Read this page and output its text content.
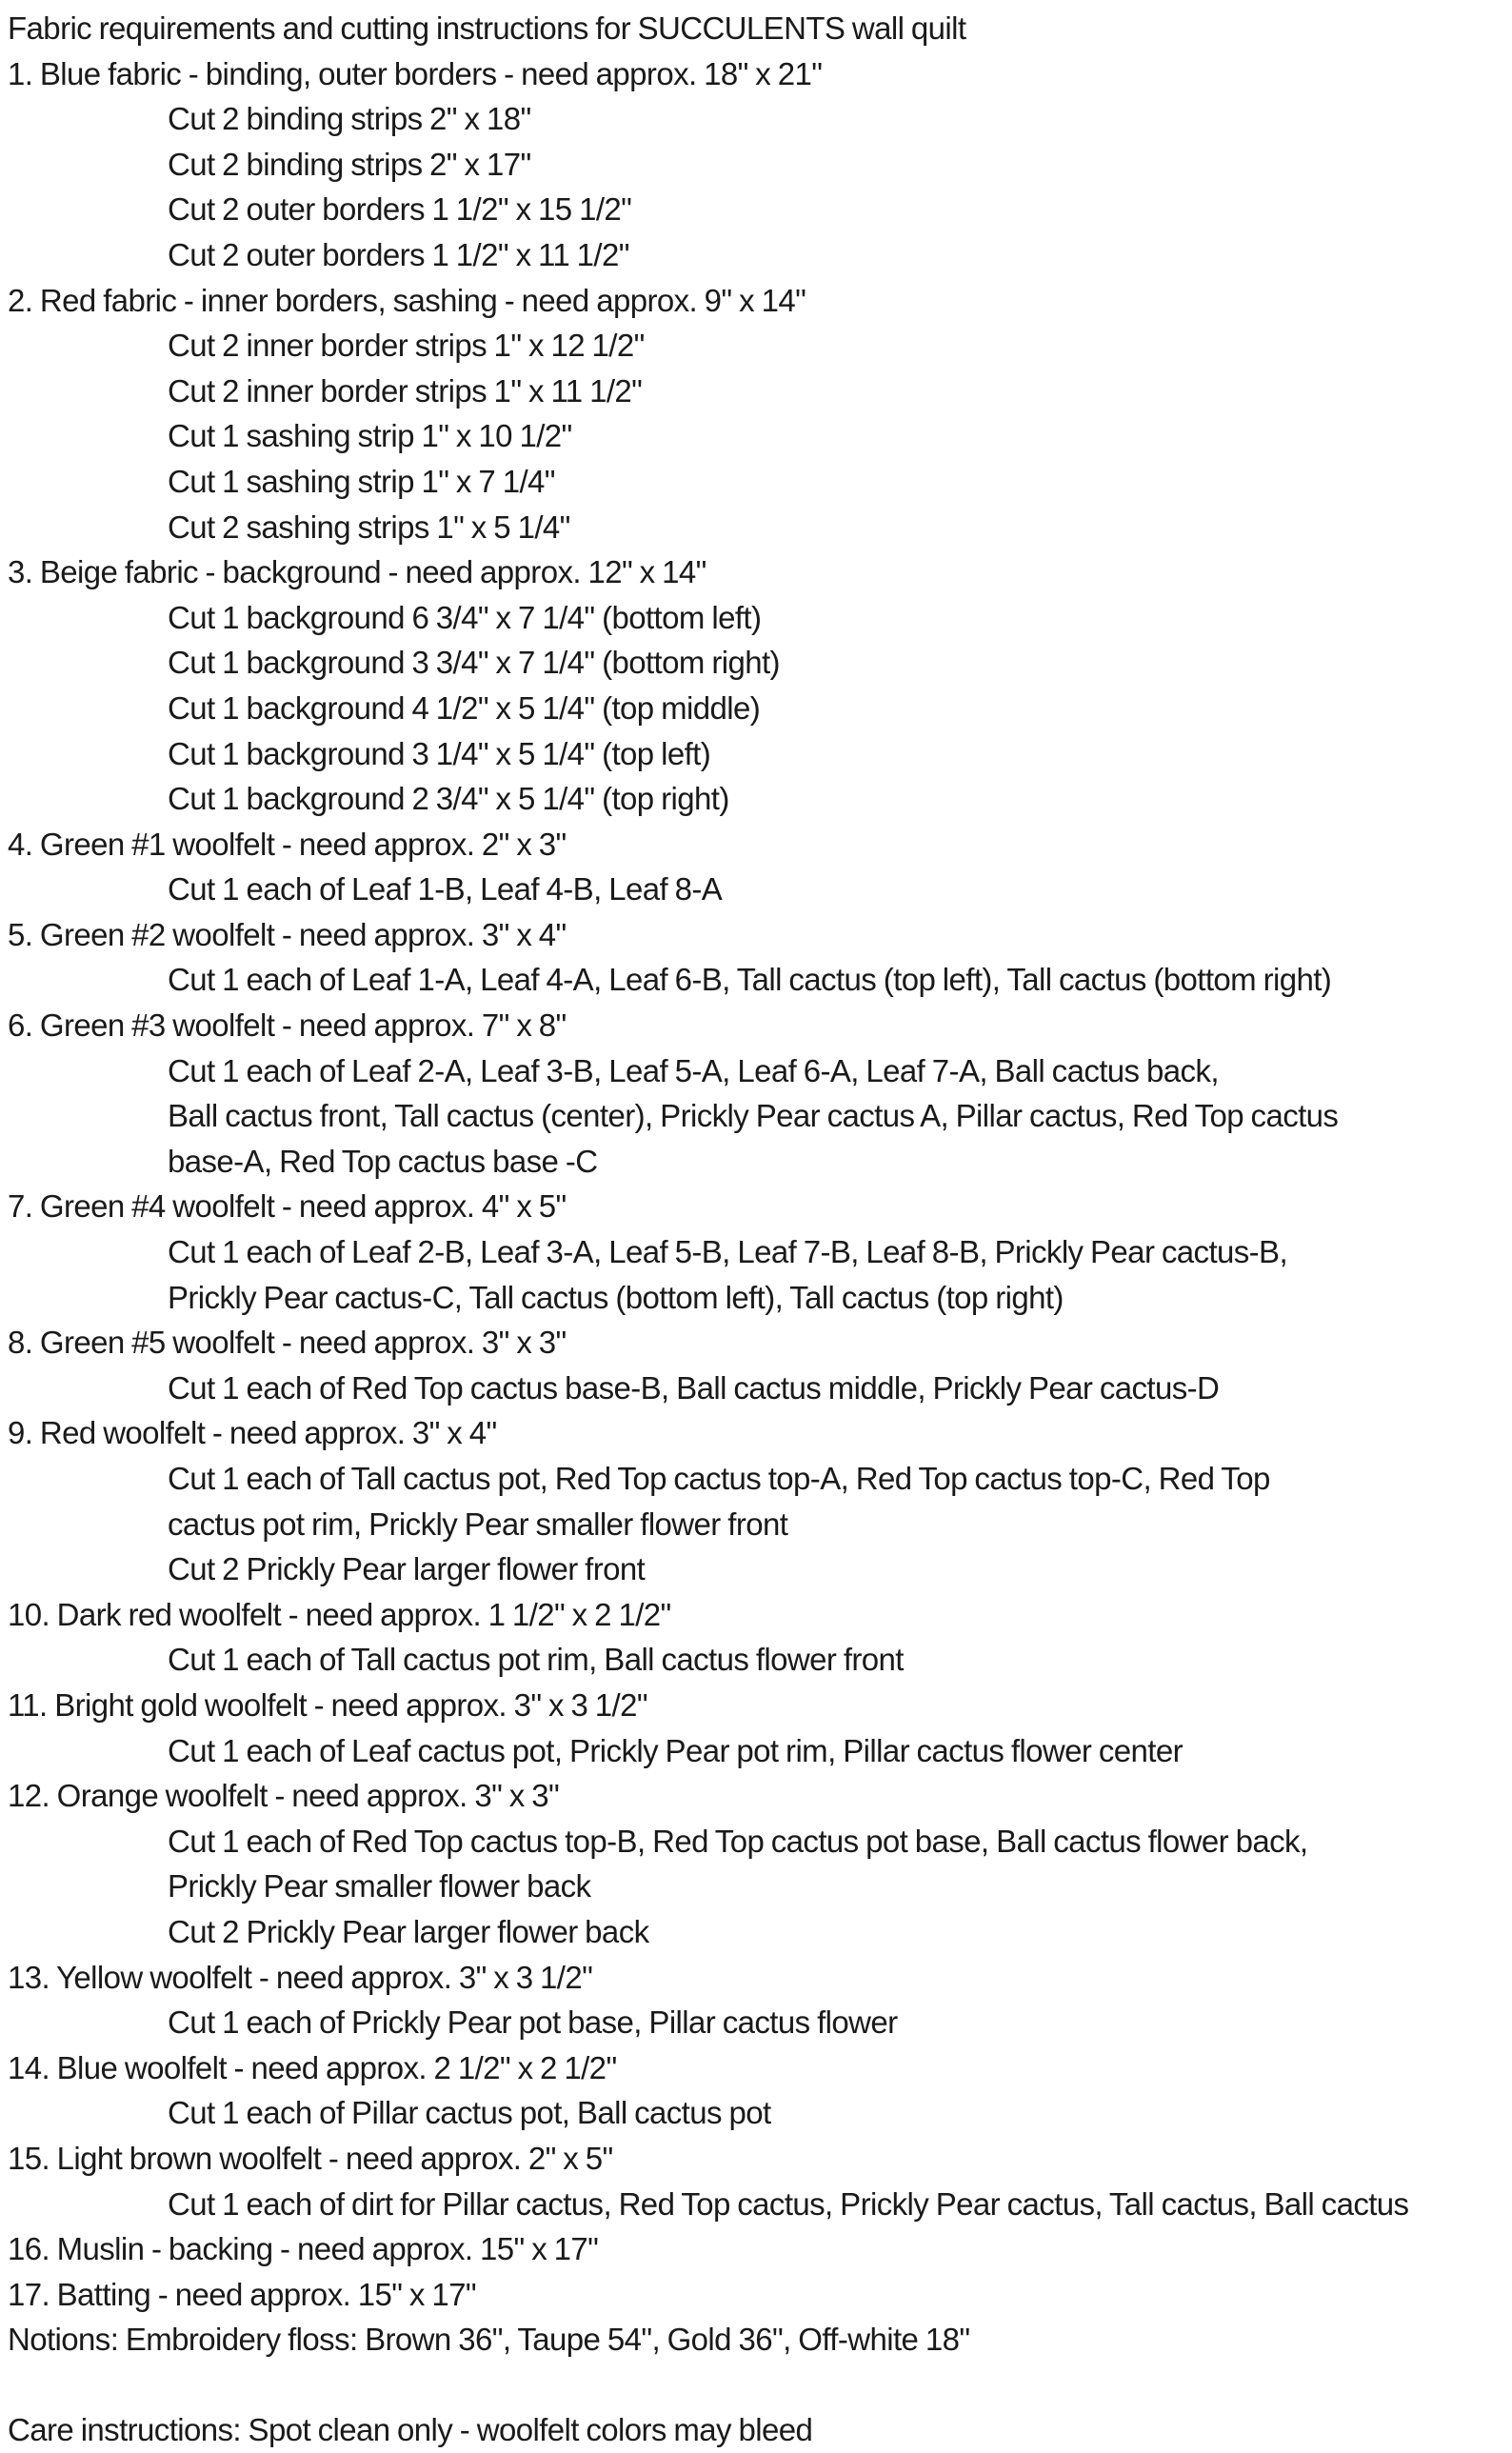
Fabric requirements and cutting instructions for SUCCULENTS wall quilt
1. Blue fabric - binding, outer borders - need approx. 18" x 21"
Cut 2 binding strips 2" x 18"
Cut 2 binding strips 2" x 17"
Cut 2 outer borders 1 1/2" x 15 1/2"
Cut 2 outer borders 1 1/2" x 11 1/2"
2. Red fabric - inner borders, sashing - need approx. 9" x 14"
Cut 2 inner border strips 1" x 12 1/2"
Cut 2 inner border strips 1" x 11 1/2"
Cut 1 sashing strip 1" x 10 1/2"
Cut 1 sashing strip 1" x 7 1/4"
Cut 2 sashing strips 1" x 5 1/4"
3. Beige fabric - background - need approx. 12" x 14"
Cut 1 background 6 3/4" x 7 1/4" (bottom left)
Cut 1 background 3 3/4" x 7 1/4" (bottom right)
Cut 1 background 4 1/2" x 5 1/4" (top middle)
Cut 1 background 3 1/4" x 5 1/4" (top left)
Cut 1 background 2 3/4" x 5 1/4" (top right)
4. Green #1 woolfelt - need approx. 2" x 3"
Cut 1 each of Leaf 1-B, Leaf 4-B, Leaf 8-A
5. Green #2 woolfelt - need approx. 3" x 4"
Cut 1 each of Leaf 1-A, Leaf 4-A, Leaf 6-B, Tall cactus (top left), Tall cactus (bottom right)
6. Green #3 woolfelt - need approx. 7" x 8"
Cut 1 each of Leaf 2-A, Leaf 3-B, Leaf 5-A, Leaf 6-A, Leaf 7-A, Ball cactus back,
Ball cactus front, Tall cactus (center), Prickly Pear cactus A, Pillar cactus, Red Top cactus
base-A, Red Top cactus base -C
7. Green #4 woolfelt - need approx. 4" x 5"
Cut 1 each of Leaf 2-B, Leaf 3-A, Leaf 5-B, Leaf 7-B, Leaf 8-B, Prickly Pear cactus-B,
Prickly Pear cactus-C, Tall cactus (bottom left), Tall cactus (top right)
8. Green #5 woolfelt - need approx. 3" x 3"
Cut 1 each of Red Top cactus base-B, Ball cactus middle, Prickly Pear cactus-D
9. Red woolfelt - need approx. 3" x 4"
Cut 1 each of Tall cactus pot, Red Top cactus top-A, Red Top cactus top-C, Red Top
cactus pot rim, Prickly Pear smaller flower front
Cut 2 Prickly Pear larger flower front
10. Dark red woolfelt - need approx. 1 1/2" x 2 1/2"
Cut 1 each of Tall cactus pot rim, Ball cactus flower front
11. Bright gold woolfelt - need approx. 3" x 3 1/2"
Cut 1 each of Leaf cactus pot, Prickly Pear pot rim, Pillar cactus flower center
12. Orange woolfelt - need approx. 3" x 3"
Cut 1 each of Red Top cactus top-B, Red Top cactus pot base, Ball cactus flower back,
Prickly Pear smaller flower back
Cut 2 Prickly Pear larger flower back
13. Yellow woolfelt - need approx. 3" x 3 1/2"
Cut 1 each of Prickly Pear pot base, Pillar cactus flower
14. Blue woolfelt - need approx. 2 1/2" x 2 1/2"
Cut 1 each of Pillar cactus pot, Ball cactus pot
15. Light brown woolfelt - need approx. 2" x 5"
Cut 1 each of dirt for Pillar cactus, Red Top cactus, Prickly Pear cactus, Tall cactus, Ball cactus
16. Muslin - backing - need approx. 15" x 17"
17. Batting - need approx. 15" x 17"
Notions: Embroidery floss: Brown 36", Taupe 54", Gold 36", Off-white 18"
Care instructions: Spot clean only - woolfelt colors may bleed
